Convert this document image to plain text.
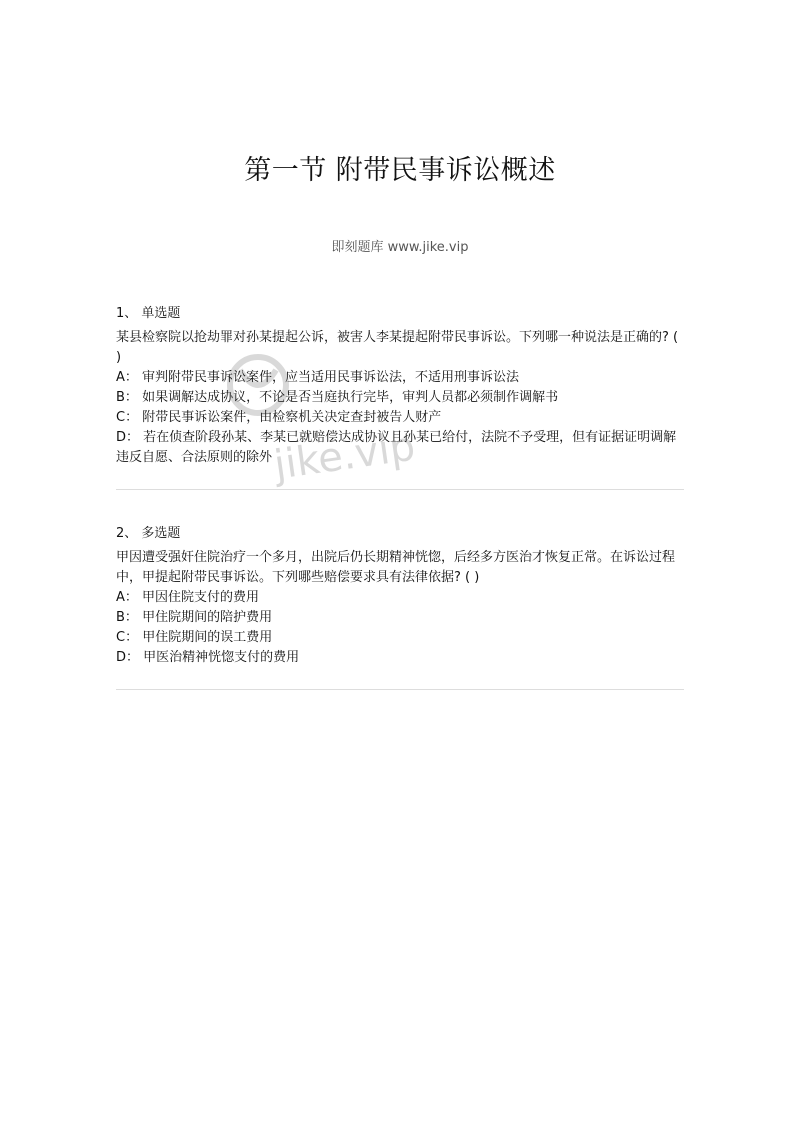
第一节 附带民事诉讼概述
即刻题库 www.jike.vip
1、 单选题

某县检察院以抢劫罪对孙某提起公诉，被害人李某提起附带民事诉讼。下列哪一种说法是正确的? ( )

A： 审判附带民事诉讼案件，应当适用民事诉讼法，不适用刑事诉讼法

B： 如果调解达成协议，不论是否当庭执行完毕，审判人员都必须制作调解书

C： 附带民事诉讼案件，由检察机关决定查封被告人财产

D： 若在侦查阶段孙某、李某已就赔偿达成协议且孙某已给付，法院不予受理，但有证据证明调解违反自愿、合法原则的除外

2、 多选题

甲因遭受强奸住院治疗一个多月，出院后仍长期精神恍惚，后经多方医治才恢复正常。在诉讼过程中，甲提起附带民事诉讼。下列哪些赔偿要求具有法律依据? ( )

A： 甲因住院支付的费用

B： 甲住院期间的陪护费用

C： 甲住院期间的误工费用

D： 甲医治精神恍惚支付的费用

jike.vip
